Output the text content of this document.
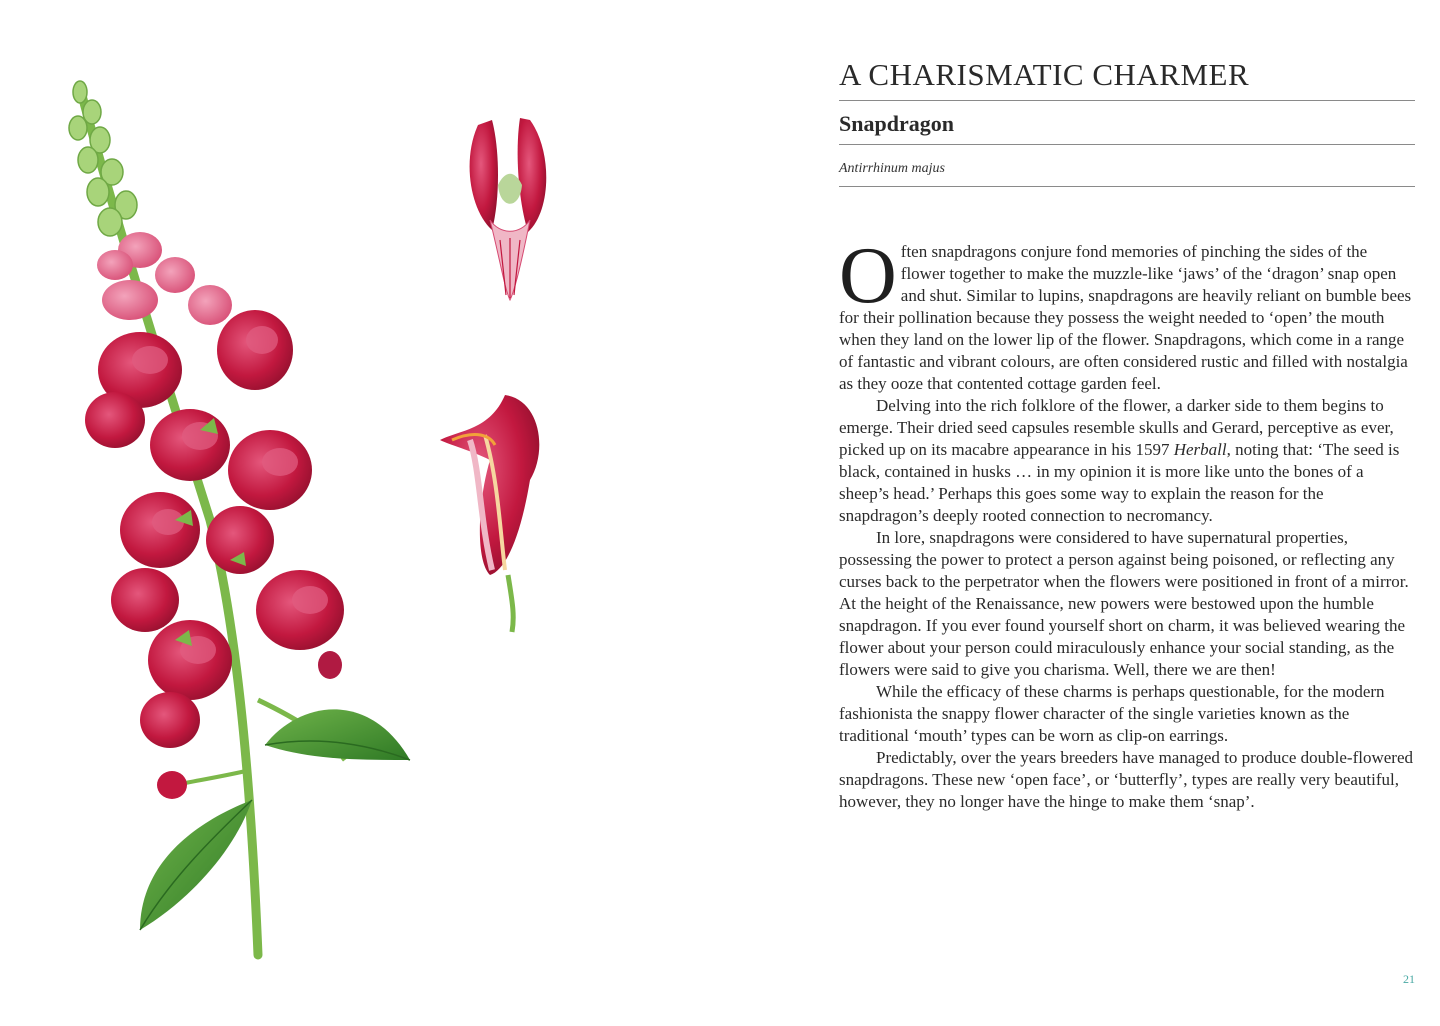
A CHARISMATIC CHARMER
Snapdragon

Antirrhinum majus

Often snapdragons conjure fond memories of pinching the sides of the flower together to make the muzzle-like ‘jaws’ of the ‘dragon’ snap open and shut. Similar to lupins, snapdragons are heavily reliant on bumble bees for their pollination because they possess the weight needed to ‘open’ the mouth when they land on the lower lip of the flower. Snapdragons, which come in a range of fantastic and vibrant colours, are often considered rustic and filled with nostalgia as they ooze that contented cottage garden feel.

Delving into the rich folklore of the flower, a darker side to them begins to emerge. Their dried seed capsules resemble skulls and Gerard, perceptive as ever, picked up on its macabre appearance in his 1597 Herball, noting that: ‘The seed is black, contained in husks … in my opinion it is more like unto the bones of a sheep’s head.’ Perhaps this goes some way to explain the reason for the snapdragon’s deeply rooted connection to necromancy.

In lore, snapdragons were considered to have supernatural properties, possessing the power to protect a person against being poisoned, or reflecting any curses back to the perpetrator when the flowers were positioned in front of a mirror. At the height of the Renaissance, new powers were bestowed upon the humble snapdragon. If you ever found yourself short on charm, it was believed wearing the flower about your person could miraculously enhance your social standing, as the flowers were said to give you charisma. Well, there we are then!

While the efficacy of these charms is perhaps questionable, for the modern fashionista the snappy flower character of the single varieties known as the traditional ‘mouth’ types can be worn as clip-on earrings.

Predictably, over the years breeders have managed to produce double-flowered snapdragons. These new ‘open face’, or ‘butterfly’, types are really very beautiful, however, they no longer have the hinge to make them ‘snap’.

21
